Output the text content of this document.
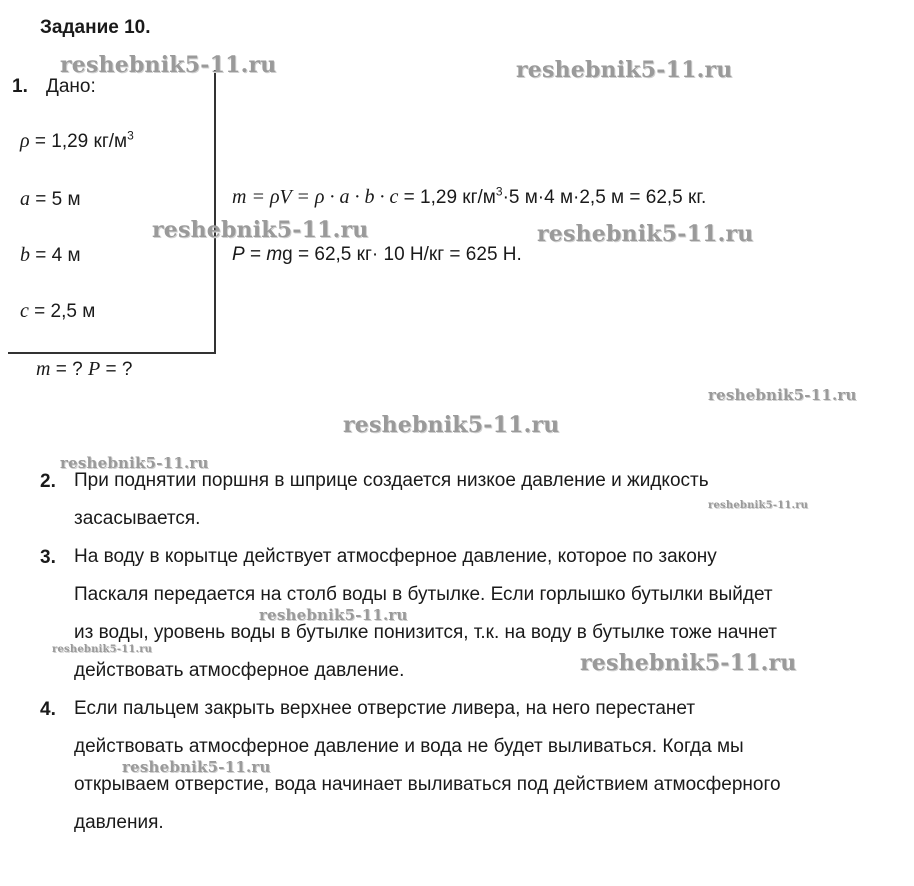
Задание 10.
1. Дано:
ρ = 1,29 $кг/м^3$
a = 5 м
b = 4 м
c = 2,5 м
m = ? P = ?
m = ρV = ρ · a · b · c = 1,29 $кг/м^3\cdot 5$ м·4 м·2,5 м = 62,5 кг.
P = mg = 62,5 кг· 10 Н/кг = 625 Н.
2. При поднятии поршня в шприце создается низкое давление и жидкость
засасывается.
3. На воду в корытце действует атмосферное давление, которое по закону
Паскаля передается на столб воды в бутылке. Если горлышко бутылки выйдет
из воды, уровень воды в бутылке понизится, т.к. на воду в бутылке тоже начнет
действовать атмосферное давление.
4. Если пальцем закрыть верхнее отверстие ливера, на него перестанет
действовать атмосферное давление и вода не будет выливаться. Когда мы
открываем отверстие, вода начинает выливаться под действием атмосферного
давления.
reshebnik5-11.ru	reshebnik5-11.ru
reshebnik5-11.ru	reshebnik5-11.ru
reshebnik5-11.ru
reshebnik5-11.ru
reshebnik5-11.ru
reshebnik5-11.ru
reshebnik5-11.ru
reshebnik5-11.ru
reshebnik5-11.ru
reshebnik5-11.ru
